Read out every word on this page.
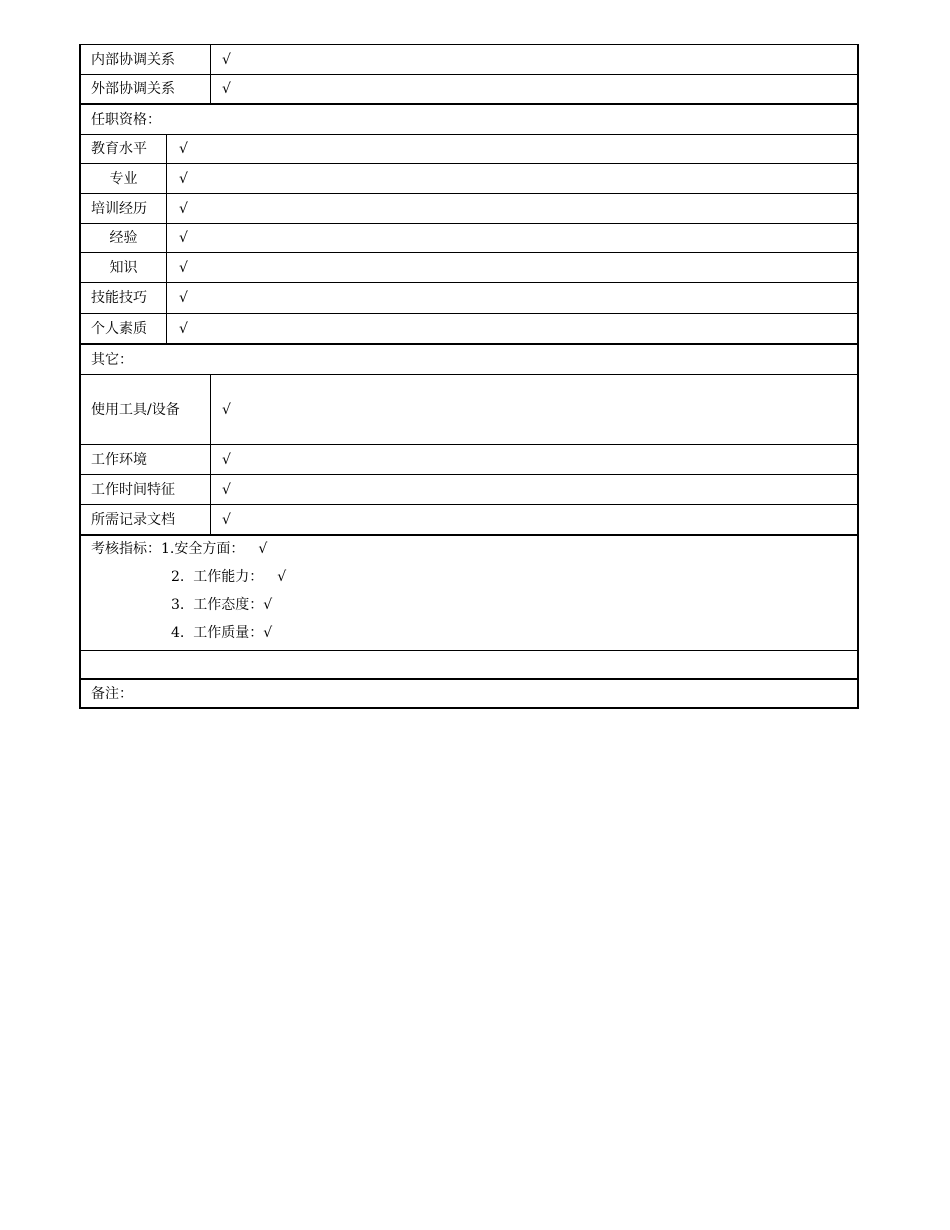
内部协调关系	√
外部协调关系	√
任职资格：
教育水平	√
专业	√
培训经历	√
经验	√
知识	√
技能技巧	√
个人素质	√
其它：
使用工具/设备	√
工作环境	√
工作时间特征	√
所需记录文档	√
考核指标：1.安全方面： √
2.  工作能力： √
3.  工作态度：√
4.  工作质量：√
备注：
